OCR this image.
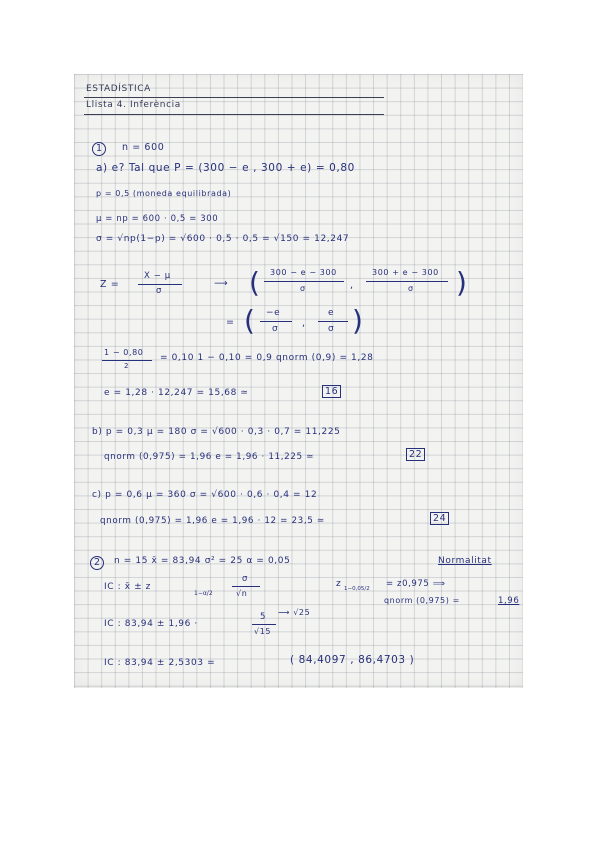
ESTADÍSTICA
Llista 4. Inferència
1	n = 600
a) e? Tal que P = (300 − e , 300 + e) = 0,80
p = 0,5 (moneda equilibrada)
μ = np = 600 · 0,5 = 300
σ = √np(1−p) = √600 · 0,5 · 0,5 = √150 = 12,247
Z =
X − μ
σ
⟶ ( 300 − e − 300
σ	,
300 + e − 300
σ )
= ( −e
σ ,
e
σ )
1 − 0,80
2
= 0,10 1 − 0,10 = 0,9 qnorm (0,9) = 1,28
e = 1,28 · 12,247 = 15,68 ≃	16
b) p = 0,3 μ = 180 σ = √600 · 0,3 · 0,7 = 11,225
qnorm (0,975) = 1,96 e = 1,96 · 11,225 ≃	22
c) p = 0,6 μ = 360 σ = √600 · 0,6 · 0,4 = 12
qnorm (0,975) = 1,96 e = 1,96 · 12 = 23,5 ≃	24
2	n = 15 x̄ = 83,94 σ² = 25 α = 0,05	Normalitat
IC : x̄ ± z
1−α/2
σ
√n
z 1−0,05/2 = z0,975 ⟹
qnorm (0,975) =	1,96
IC : 83,94 ± 1,96 ·
5 ⟶ √25
√15
IC : 83,94 ± 2,5303 =	( 84,4097 , 86,4703 )
